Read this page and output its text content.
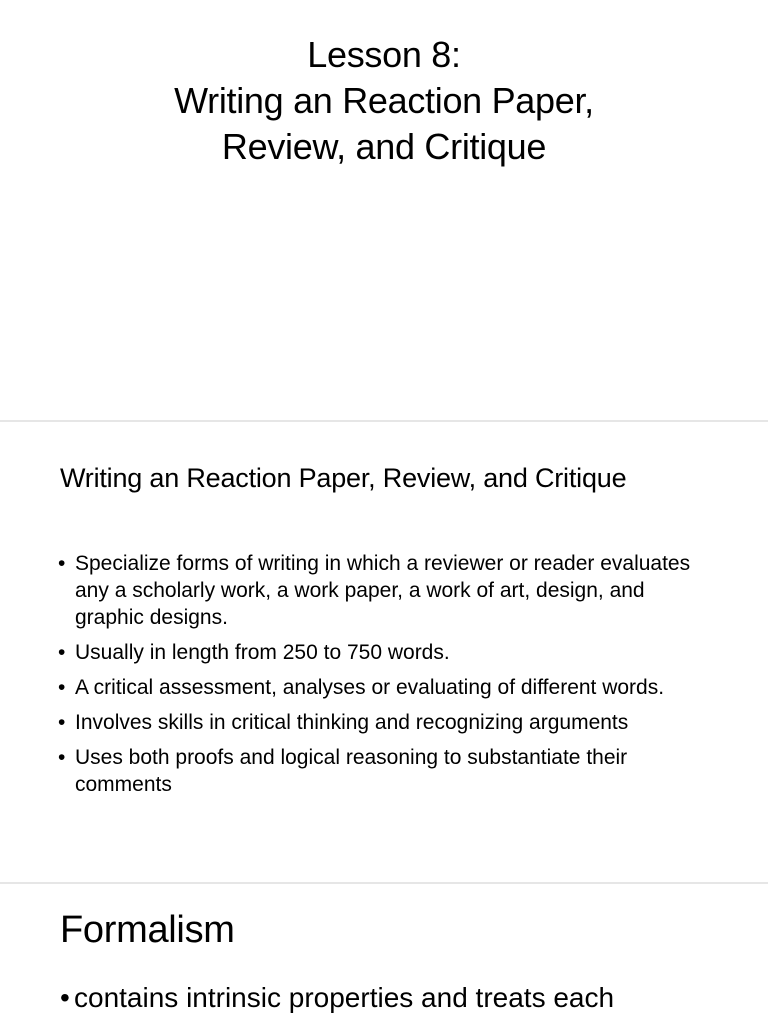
Lesson 8:
Writing an Reaction Paper,
Review, and Critique
Writing an Reaction Paper, Review, and Critique
• Specialize forms of writing in which a reviewer or reader evaluates any a scholarly work, a work paper, a work of art, design, and graphic designs.
• Usually in length from 250 to 750 words.
• A critical assessment, analyses or evaluating of different words.
• Involves skills in critical thinking and recognizing arguments
• Uses both proofs and logical reasoning to substantiate their comments
Formalism
• contains intrinsic properties and treats each
